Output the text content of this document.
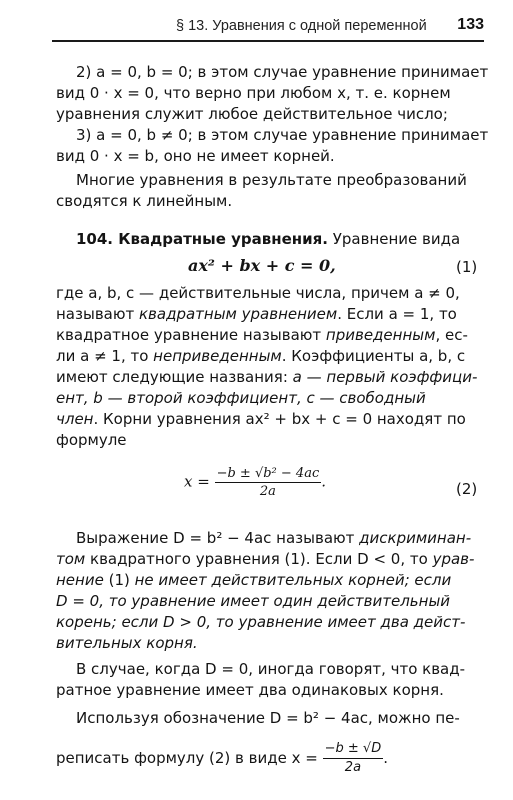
§ 13. Уравнения с одной переменной 133
2) a = 0, b = 0; в этом случае уравнение принимает
вид 0 · x = 0, что верно при любом x, т. е. корнем
уравнения служит любое действительное число;
3) a = 0, b ≠ 0; в этом случае уравнение принимает
вид 0 · x = b, оно не имеет корней.
Многие уравнения в результате преобразований
сводятся к линейным.
104. Квадратные уравнения. Уравнение вида
ax² + bx + c = 0,	(1)
где a, b, c — действительные числа, причем a ≠ 0,
называют квадратным уравнением. Если a = 1, то
квадратное уравнение называют приведенным, ес-
ли a ≠ 1, то неприведенным. Коэффициенты a, b, c
имеют следующие названия: a — первый коэффици-
ент, b — второй коэффициент, c — свободный
член. Корни уравнения ax² + bx + c = 0 находят по
формуле
$x = \frac{\text{−b ± √b² − 4ac}}{2a}$ .	(2)
Выражение D = b² − 4ac называют дискриминан-
том квадратного уравнения (1). Если D < 0, то урав-
нение (1) не имеет действительных корней; если
D = 0, то уравнение имеет один действительный
корень; если D > 0, то уравнение имеет два дейст-
вительных корня.
В случае, когда D = 0, иногда говорят, что квад-
ратное уравнение имеет два одинаковых корня.
Используя обозначение D = b² − 4ac, можно пе-
реписать формулу (2) в виде $x = \frac{-b \pm √D}{2a}$ .
